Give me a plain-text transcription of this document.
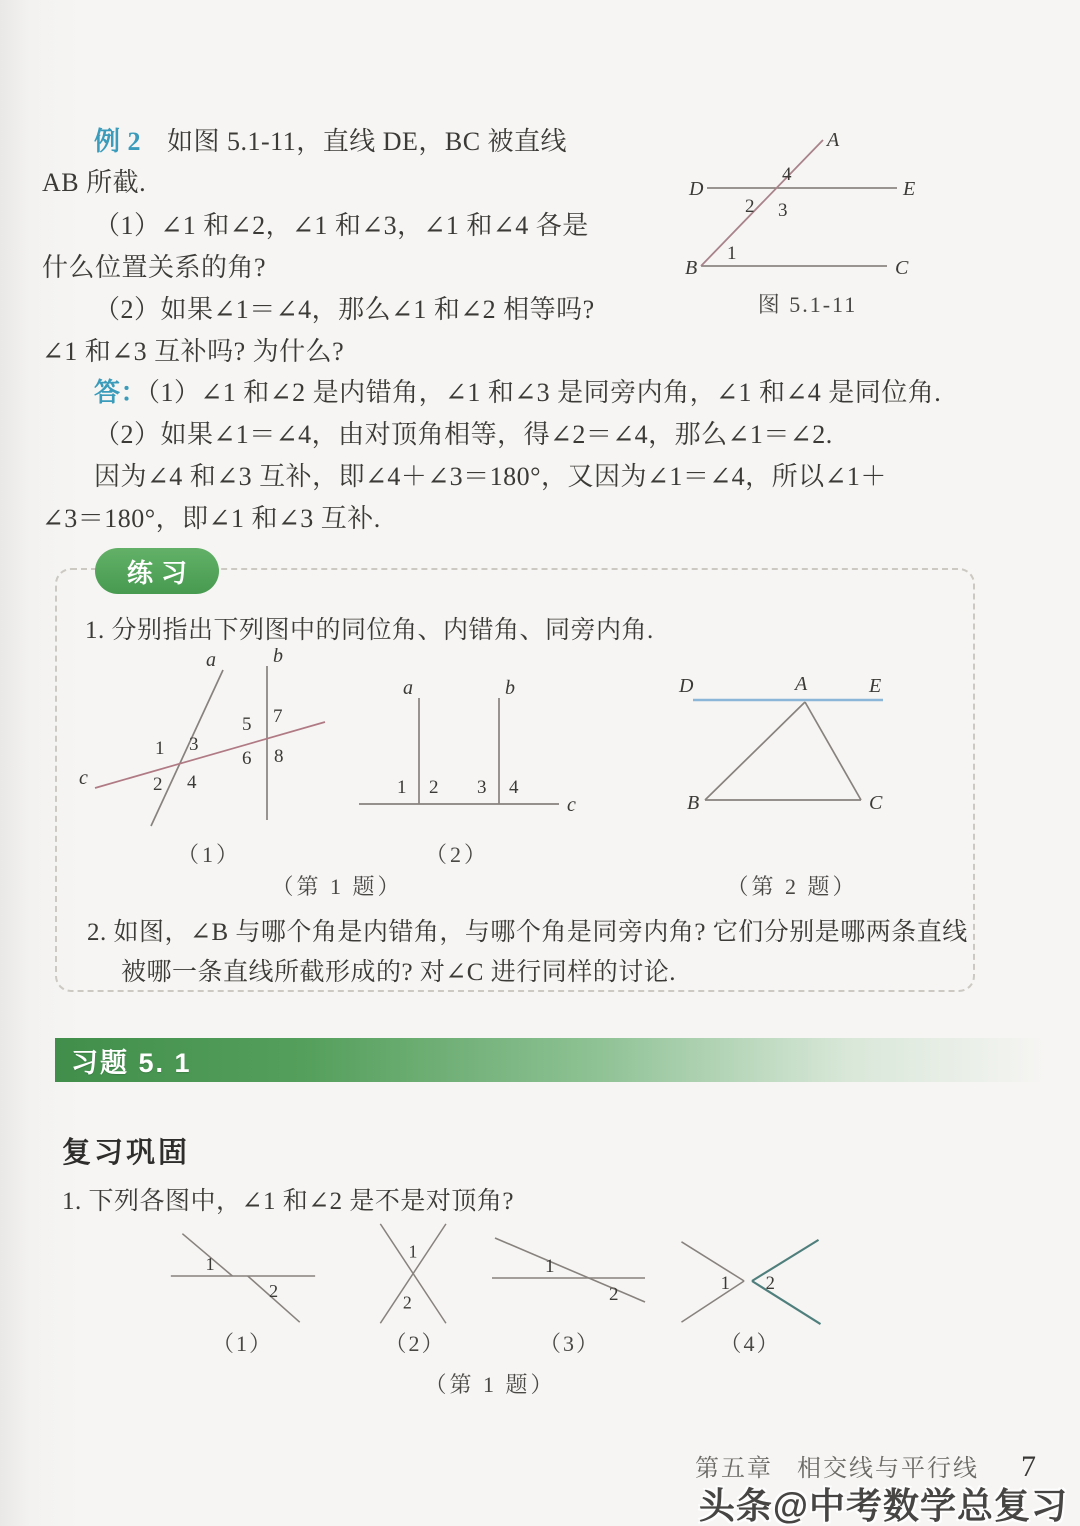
例 2 如图 5.1-11，直线 DE，BC 被直线
AB 所截.
（1）∠1 和∠2，∠1 和∠3，∠1 和∠4 各是
什么位置关系的角?
（2）如果∠1＝∠4，那么∠1 和∠2 相等吗?
∠1 和∠3 互补吗? 为什么?
答：（1）∠1 和∠2 是内错角，∠1 和∠3 是同旁内角，∠1 和∠4 是同位角.
（2）如果∠1＝∠4，由对顶角相等，得∠2＝∠4，那么∠1＝∠2.
因为∠4 和∠3 互补，即∠4＋∠3＝180°，又因为∠1＝∠4，所以∠1＋
∠3＝180°，即∠1 和∠3 互补.
A
D	E
B	C
4
2 3
1
图 5.1-11
练习
1. 分别指出下列图中的同位角、内错角、同旁内角.
a	b
c
1 3
2 4
5 7
6 8
（1）
a	b
c
1 2 3 4
（2）
（第 1 题）
D	A	E
B	C
（第 2 题）
2. 如图，∠B 与哪个角是内错角，与哪个角是同旁内角? 它们分别是哪两条直线
被哪一条直线所截形成的? 对∠C 进行同样的讨论.
习题 5. 1
复习巩固
1. 下列各图中，∠1 和∠2 是不是对顶角?
1
2
（1）
1
2
（2）
1
2
（3）
1 2
（4）
（第 1 题）
第五章 相交线与平行线 7
头条@中考数学总复习
